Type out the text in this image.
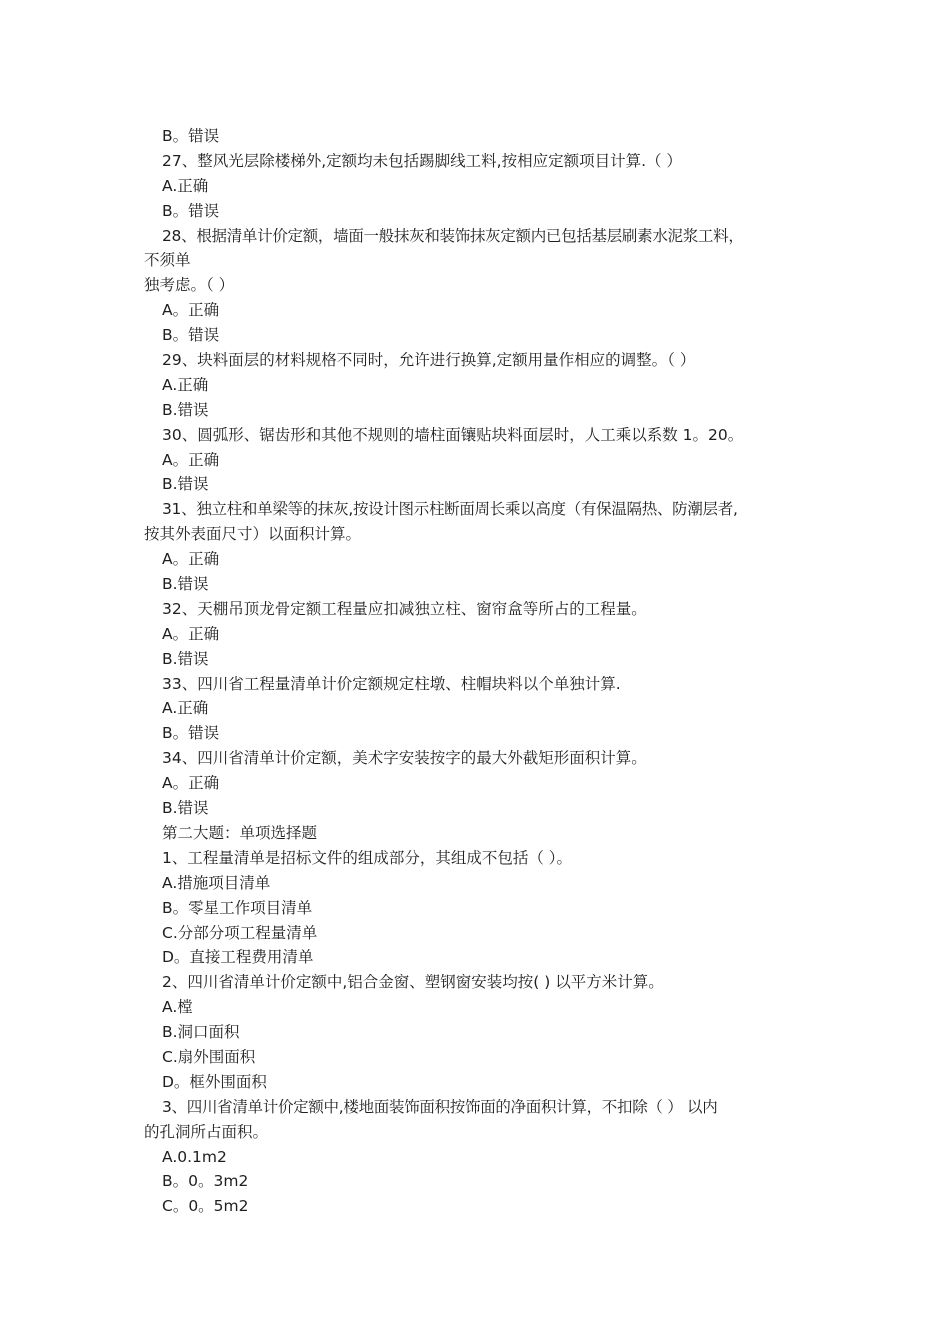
B。错误
27、整风光层除楼梯外,定额均未包括踢脚线工料,按相应定额项目计算.（ ）
A.正确
B。错误
28、根据清单计价定额，墙面一般抹灰和装饰抹灰定额内已包括基层刷素水泥浆工料，
不须单
独考虑。（ ）
A。正确
B。错误
29、块料面层的材料规格不同时，允许进行换算,定额用量作相应的调整。（ ）
A.正确
B.错误
30、圆弧形、锯齿形和其他不规则的墙柱面镶贴块料面层时，人工乘以系数 1。20。
A。正确
B.错误
31、独立柱和单梁等的抹灰,按设计图示柱断面周长乘以高度（有保温隔热、防潮层者,
按其外表面尺寸）以面积计算。
A。正确
B.错误
32、天棚吊顶龙骨定额工程量应扣减独立柱、窗帘盒等所占的工程量。
A。正确
B.错误
33、四川省工程量清单计价定额规定柱墩、柱帽块料以个单独计算.
A.正确
B。错误
34、四川省清单计价定额，美术字安装按字的最大外截矩形面积计算。
A。正确
B.错误
第二大题：单项选择题
1、工程量清单是招标文件的组成部分，其组成不包括（ ）。
A.措施项目清单
B。零星工作项目清单
C.分部分项工程量清单
D。直接工程费用清单
2、四川省清单计价定额中,铝合金窗、塑钢窗安装均按( ) 以平方米计算。
A.樘
B.洞口面积
C.扇外围面积
D。框外围面积
3、四川省清单计价定额中,楼地面装饰面积按饰面的净面积计算，不扣除（ ） 以内
的孔洞所占面积。
A.0.1m2
B。0。3m2
C。0。5m2
